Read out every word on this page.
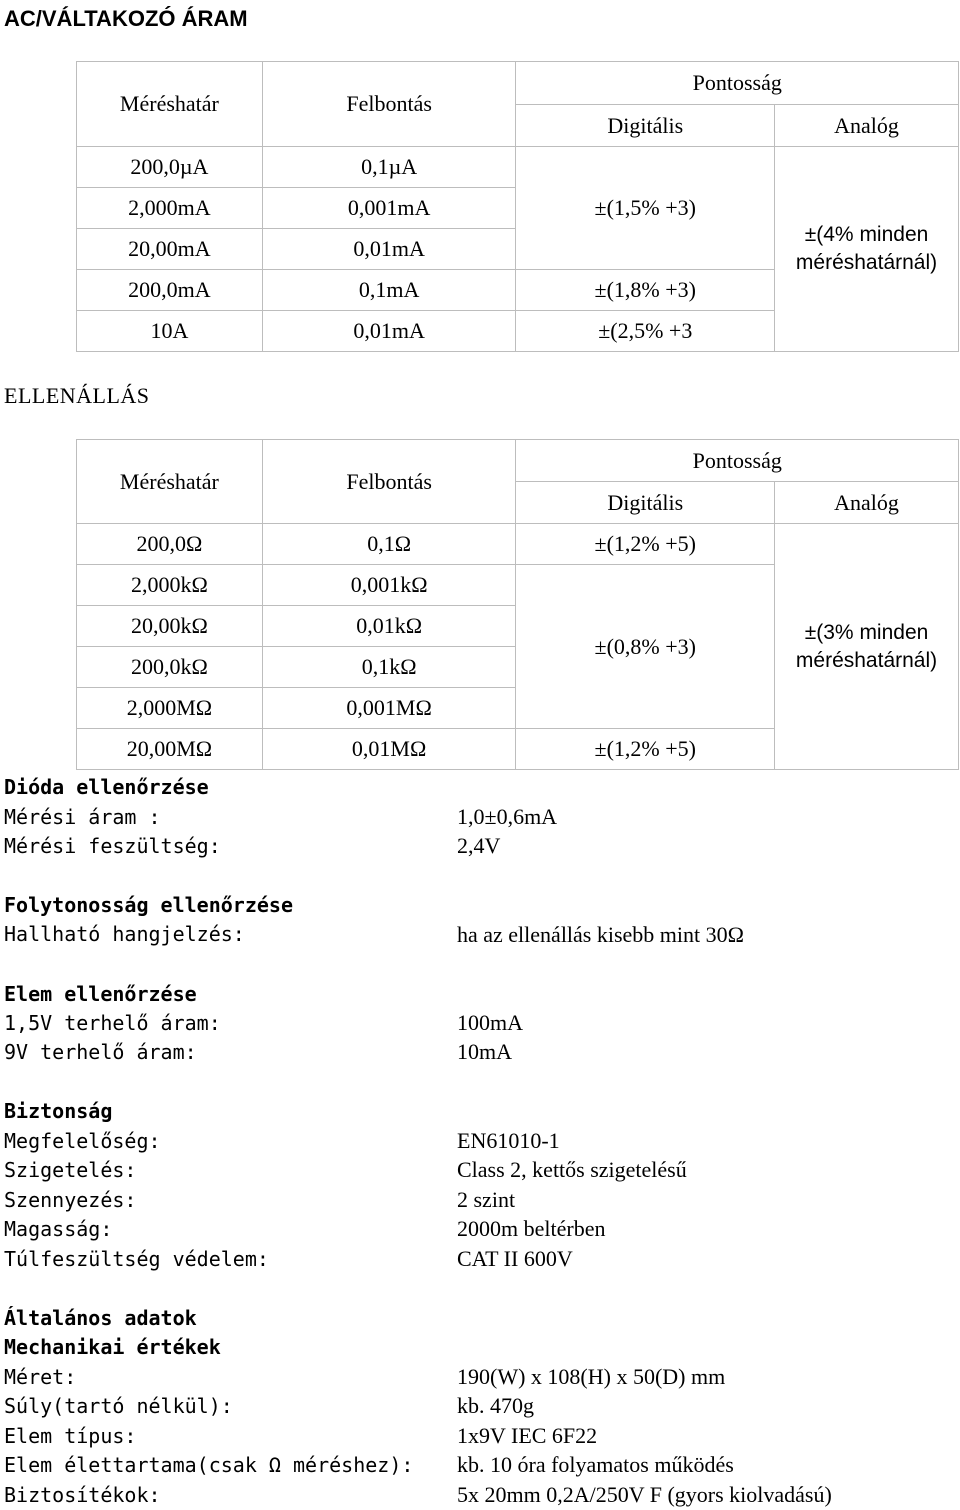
AC/VÁLTAKOZÓ ÁRAM
Méréshatár	Felbontás	Pontosság	
		Digitális	Analóg
200,0µA	0,1µA	±(1,5% +3)	±(4% minden
méréshatárnál)
2,000mA	0,001mA		
20,00mA	0,01mA		
200,0mA	0,1mA	±(1,8% +3)	
10A	0,01mA	±(2,5% +3	
ELLENÁLLÁS
Méréshatár	Felbontás	Pontosság	
		Digitális	Analóg
200,0Ω	0,1Ω	±(1,2% +5)	±(3% minden
méréshatárnál)
2,000kΩ	0,001kΩ	±(0,8% +3)	
20,00kΩ	0,01kΩ		
200,0kΩ	0,1kΩ		
2,000MΩ	0,001MΩ		
20,00MΩ	0,01MΩ	±(1,2% +5)	
Dióda ellenőrzése
Mérési áram :	1,0±0,6mA
Mérési feszültség:	2,4V
Folytonosság ellenőrzése
Hallható hangjelzés:	ha az ellenállás kisebb mint 30Ω
Elem ellenőrzése
1,5V terhelő áram:	100mA
9V terhelő áram:	10mA
Biztonság
Megfelelőség:	EN61010-1
Szigetelés:	Class 2, kettős szigetelésű
Szennyezés:	2 szint
Magasság:	2000m beltérben
Túlfeszültség védelem:	CAT II 600V
Általános adatok
Mechanikai értékek
Méret:	190(W) x 108(H) x 50(D) mm
Súly(tartó nélkül):	kb. 470g
Elem típus:	1x9V IEC 6F22
Elem élettartama(csak Ω méréshez): kb. 10 óra folyamatos működés
Biztosítékok:	5x 20mm 0,2A/250V F (gyors kiolvadású)
